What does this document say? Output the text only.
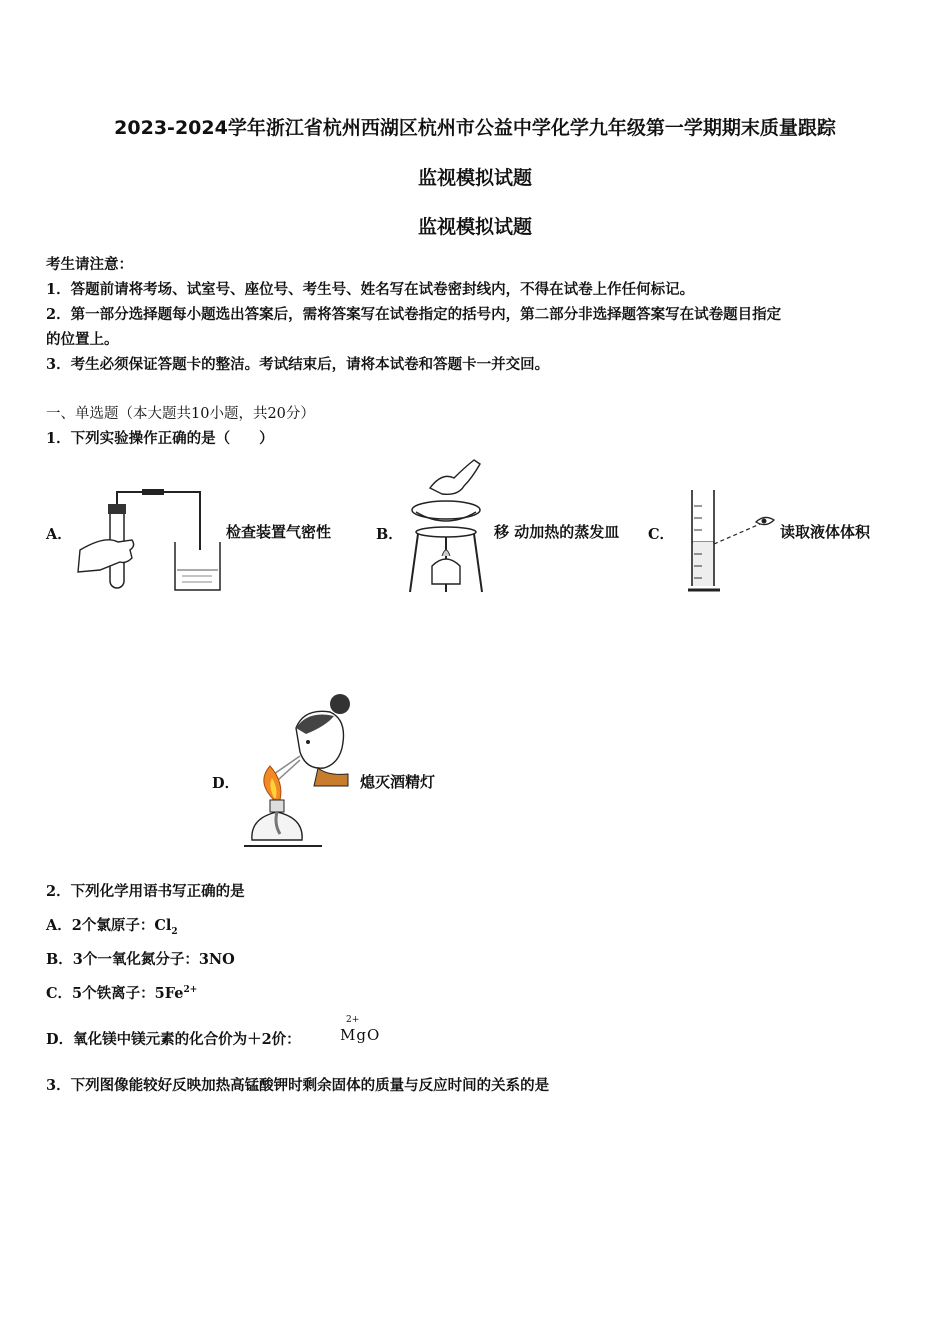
2023-2024学年浙江省杭州西湖区杭州市公益中学化学九年级第一学期期末质量跟踪
监视模拟试题
监视模拟试题
考生请注意：
1．答题前请将考场、试室号、座位号、考生号、姓名写在试卷密封线内，不得在试卷上作任何标记。
2．第一部分选择题每小题选出答案后，需将答案写在试卷指定的括号内，第二部分非选择题答案写在试卷题目指定
的位置上。
3．考生必须保证答题卡的整洁。考试结束后，请将本试卷和答题卡一并交回。
一、单选题（本大题共10小题，共20分）
1．下列实验操作正确的是（　　）
A．	检查装置气密性	B．	移 动加热的蒸发皿 C．	读取液体体积
D．	熄灭酒精灯
2．下列化学用语书写正确的是
A．2个氯原子：$Cl_2$
B．3个一氧化氮分子：3NO
C．5个铁离子：$5Fe^{2+}$
D．氧化镁中镁元素的化合价为＋2价：
2+
MgO
3．下列图像能较好反映加热高锰酸钾时剩余固体的质量与反应时间的关系的是
